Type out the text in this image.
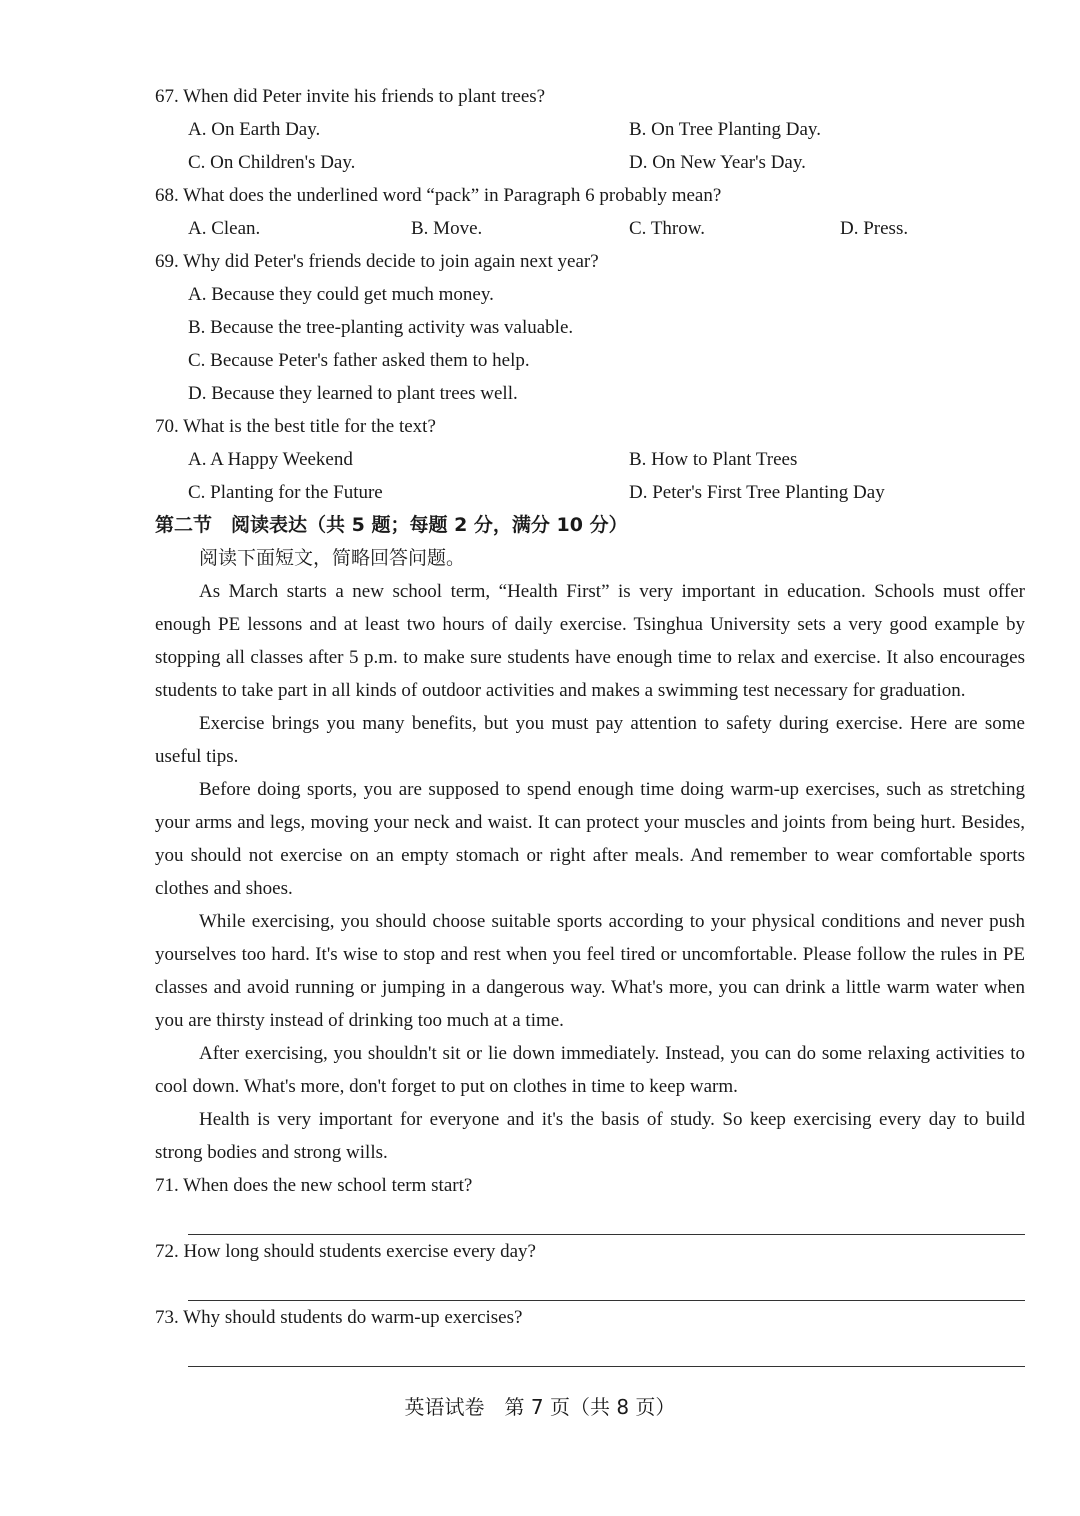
67. When did Peter invite his friends to plant trees?
A. On Earth Day.	B. On Tree Planting Day.
C. On Children's Day.	D. On New Year's Day.
68. What does the underlined word “pack” in Paragraph 6 probably mean?
A. Clean.	B. Move.	C. Throw.	D. Press.
69. Why did Peter's friends decide to join again next year?
A. Because they could get much money.
B. Because the tree-planting activity was valuable.
C. Because Peter's father asked them to help.
D. Because they learned to plant trees well.
70. What is the best title for the text?
A. A Happy Weekend	B. How to Plant Trees
C. Planting for the Future	D. Peter's First Tree Planting Day
第二节　阅读表达（共 5 题；每题 2 分，满分 10 分）
阅读下面短文，简略回答问题。

As March starts a new school term, “Health First” is very important in education. Schools must offer enough PE lessons and at least two hours of daily exercise. Tsinghua University sets a very good example by stopping all classes after 5 p.m. to make sure students have enough time to relax and exercise. It also encourages students to take part in all kinds of outdoor activities and makes a swimming test necessary for graduation.

Exercise brings you many benefits, but you must pay attention to safety during exercise. Here are some useful tips.

Before doing sports, you are supposed to spend enough time doing warm-up exercises, such as stretching your arms and legs, moving your neck and waist. It can protect your muscles and joints from being hurt. Besides, you should not exercise on an empty stomach or right after meals. And remember to wear comfortable sports clothes and shoes.

While exercising, you should choose suitable sports according to your physical conditions and never push yourselves too hard. It's wise to stop and rest when you feel tired or uncomfortable. Please follow the rules in PE classes and avoid running or jumping in a dangerous way. What's more, you can drink a little warm water when you are thirsty instead of drinking too much at a time.

After exercising, you shouldn't sit or lie down immediately. Instead, you can do some relaxing activities to cool down. What's more, don't forget to put on clothes in time to keep warm.

Health is very important for everyone and it's the basis of study. So keep exercising every day to build strong bodies and strong wills.

71. When does the new school term start?
72. How long should students exercise every day?
73. Why should students do warm-up exercises?
英语试卷　第 7 页（共 8 页）
